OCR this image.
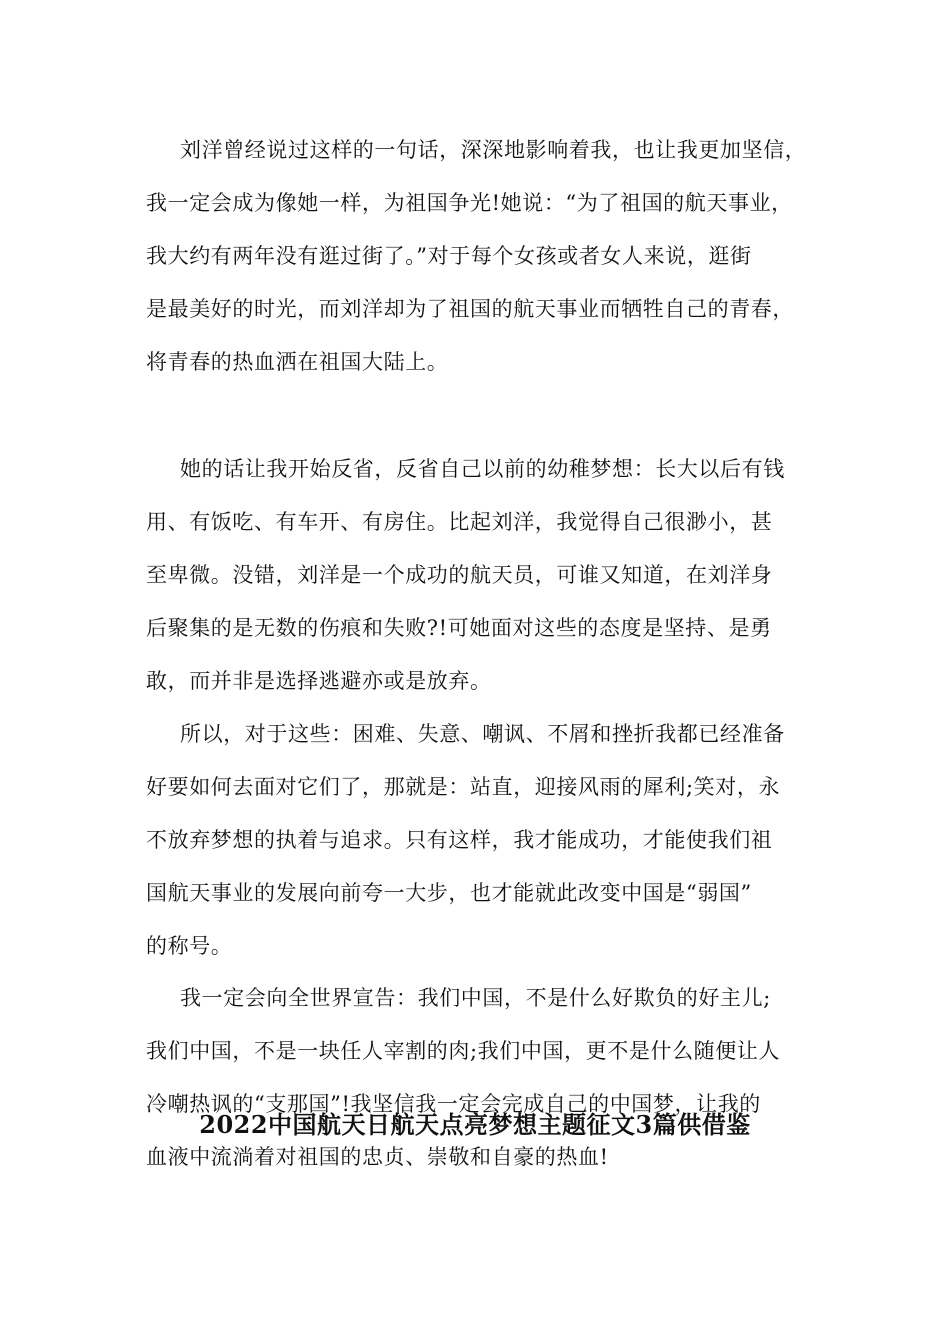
刘洋曾经说过这样的一句话，深深地影响着我，也让我更加坚信，
我一定会成为像她一样，为祖国争光!她说：“为了祖国的航天事业，
我大约有两年没有逛过街了。”对于每个女孩或者女人来说，逛街
是最美好的时光，而刘洋却为了祖国的航天事业而牺牲自己的青春，
将青春的热血洒在祖国大陆上。
她的话让我开始反省，反省自己以前的幼稚梦想：长大以后有钱
用、有饭吃、有车开、有房住。比起刘洋，我觉得自己很渺小，甚
至卑微。没错，刘洋是一个成功的航天员，可谁又知道，在刘洋身
后聚集的是无数的伤痕和失败?!可她面对这些的态度是坚持、是勇
敢，而并非是选择逃避亦或是放弃。
所以，对于这些：困难、失意、嘲讽、不屑和挫折我都已经准备
好要如何去面对它们了，那就是：站直，迎接风雨的犀利;笑对，永
不放弃梦想的执着与追求。只有这样，我才能成功，才能使我们祖
国航天事业的发展向前夸一大步，也才能就此改变中国是“弱国”
的称号。
我一定会向全世界宣告：我们中国，不是什么好欺负的好主儿;
我们中国，不是一块任人宰割的肉;我们中国，更不是什么随便让人
冷嘲热讽的“支那国”!我坚信我一定会完成自己的中国梦，让我的
血液中流淌着对祖国的忠贞、崇敬和自豪的热血!
2022中国航天日航天点亮梦想主题征文3篇供借鉴
